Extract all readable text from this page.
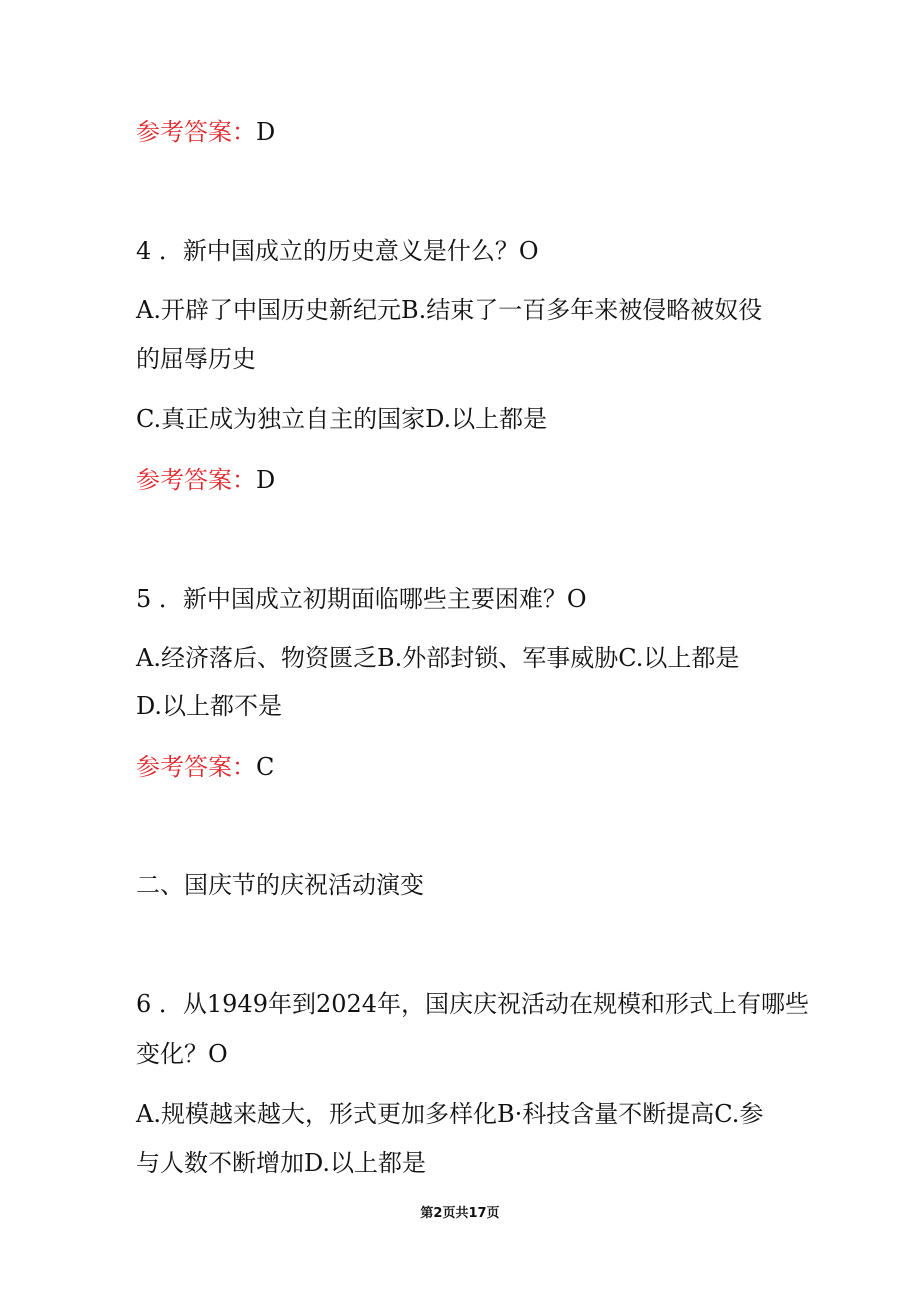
参考答案：D
4 ．新中国成立的历史意义是什么？O
A.开辟了中国历史新纪元B.结束了一百多年来被侵略被奴役
的屈辱历史
C.真正成为独立自主的国家D.以上都是
参考答案：D
5 ．新中国成立初期面临哪些主要困难？O
A.经济落后、物资匮乏B.外部封锁、军事威胁C.以上都是
D.以上都不是
参考答案：C
二、国庆节的庆祝活动演变
6 ．从1949年到2024年，国庆庆祝活动在规模和形式上有哪些
变化？O
A.规模越来越大，形式更加多样化B·科技含量不断提高C.参
与人数不断增加D.以上都是
第2页共17页
